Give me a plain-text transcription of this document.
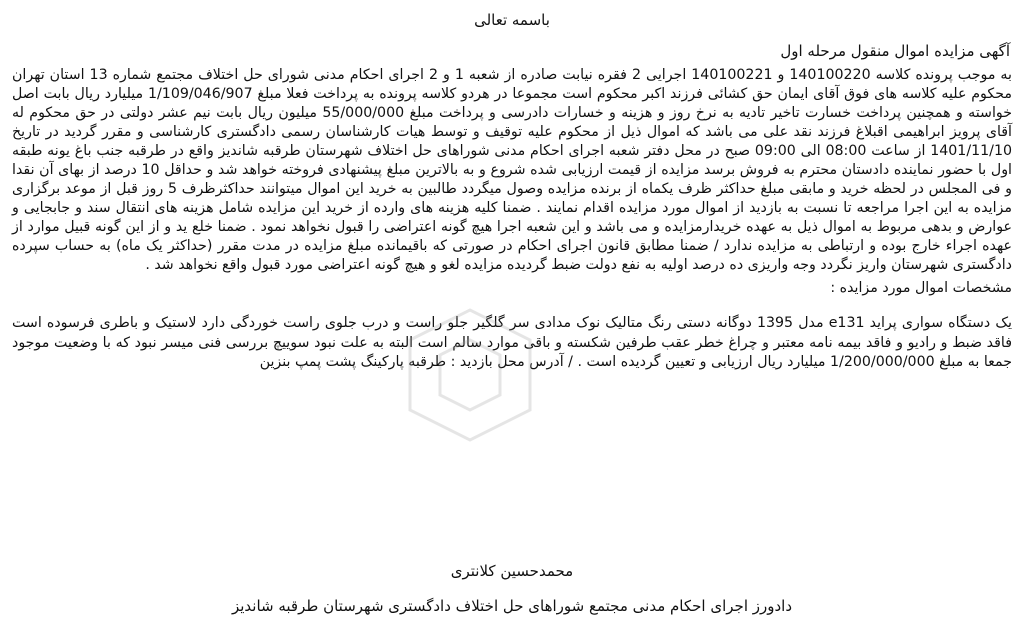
باسمه تعالی
آگهی مزایده اموال منقول مرحله اول
به موجب پرونده کلاسه 140100220 و 140100221 اجرایی 2 فقره نیابت صادره از شعبه 1 و 2 اجرای احکام مدنی شورای حل اختلاف مجتمع شماره 13 استان تهران محکوم علیه کلاسه های فوق آقای ایمان حق کشائی فرزند اکبر محکوم است مجموعا در هردو کلاسه پرونده به پرداخت فعلا مبلغ 1/109/046/907 میلیارد ریال بابت اصل خواسته و همچنین پرداخت خسارت تاخیر تادیه به نرخ روز و هزینه و خسارات دادرسی و پرداخت مبلغ 55/000/000 میلیون ریال بابت نیم عشر دولتی در حق محکوم له آقای پرویز ابراهیمی اقبلاغ فرزند نقد علی می باشد که اموال ذیل از محکوم علیه توقیف و توسط هیات کارشناسان رسمی دادگستری کارشناسی و مقرر گردید در تاریخ 1401/11/10 از ساعت 08:00 الی 09:00 صبح در محل دفتر شعبه اجرای احکام مدنی شوراهای حل اختلاف شهرستان طرقبه شاندیز واقع در طرقبه جنب باغ یونه طبقه اول با حضور نماینده دادستان محترم به فروش برسد مزایده از قیمت ارزیابی شده شروع و به بالاترین مبلغ پیشنهادی فروخته خواهد شد و حداقل 10 درصد از بهای آن نقدا و فی المجلس در لحظه خرید و مابقی مبلغ حداکثر ظرف یکماه از برنده مزایده وصول میگردد طالبین به خرید این اموال میتوانند حداکثرظرف 5 روز قبل از موعد برگزاری مزایده به این اجرا مراجعه تا نسبت به بازدید از اموال مورد مزایده اقدام نمایند . ضمنا کلیه هزینه های وارده از خرید این مزایده شامل هزینه های انتقال سند و جابجایی و عوارض و بدهی مربوط به اموال ذیل به عهده خریدارمزایده و می باشد و این شعبه اجرا هیچ گونه اعتراضی را قبول نخواهد نمود . ضمنا خلع ید و از این گونه قبیل موارد از عهده اجراء خارج بوده و ارتباطی به مزایده ندارد / ضمنا مطابق قانون اجرای احکام در صورتی که باقیمانده مبلغ مزایده در مدت مقرر (حداکثر یک ماه) به حساب سپرده دادگستری شهرستان واریز نگردد وجه واریزی ده درصد اولیه به نفع دولت ضبط گردیده مزایده لغو و هیچ گونه اعتراضی مورد قبول واقع نخواهد شد .
مشخصات اموال مورد مزایده :
یک دستگاه سواری پراید e131 مدل 1395 دوگانه دستی رنگ متالیک نوک مدادی سر گلگیر جلو راست و درب جلوی راست خوردگی دارد لاستیک و باطری فرسوده است فاقد ضبط و رادیو و فاقد بیمه نامه معتبر و چراغ خطر عقب طرفین شکسته و باقی موارد سالم است البته به علت نبود سوییچ بررسی فنی میسر نبود که با وضعیت موجود جمعا به مبلغ 1/200/000/000 میلیارد ریال ارزیابی و تعیین گردیده است . / آدرس محل بازدید : طرقبه پارکینگ پشت پمپ بنزین
محمدحسین کلانتری
دادورز اجرای احکام مدنی مجتمع شوراهای حل اختلاف دادگستری شهرستان طرقبه شاندیز
